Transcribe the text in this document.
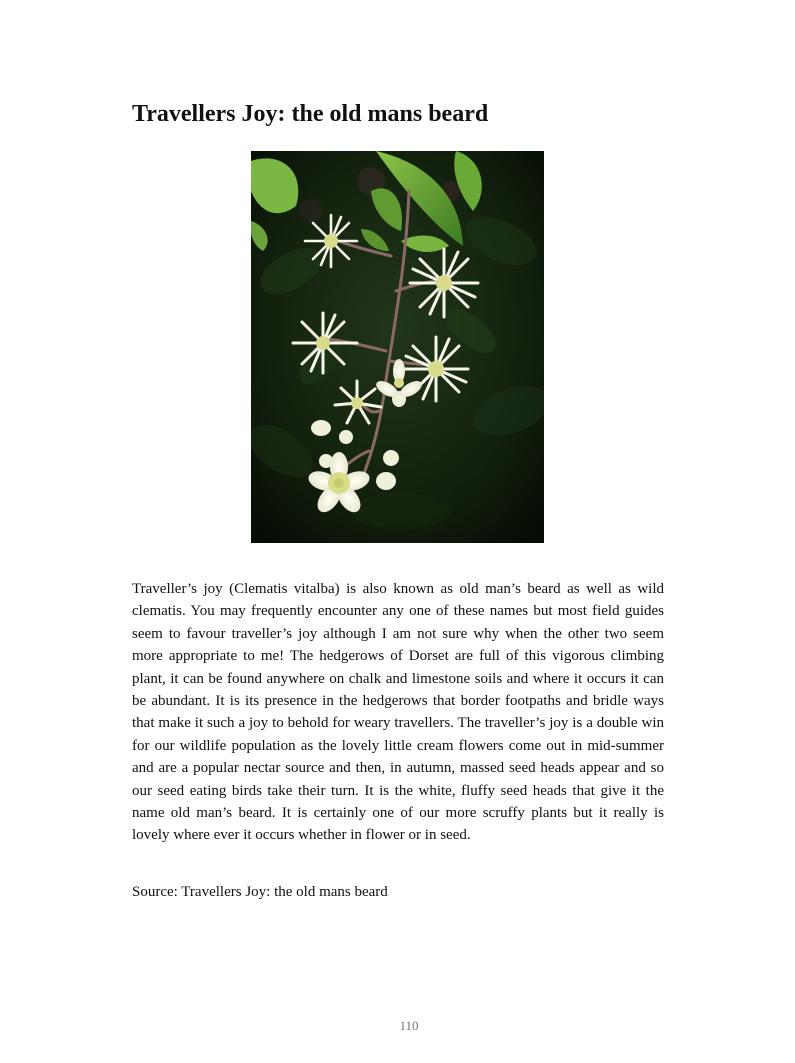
Travellers Joy: the old mans beard

Traveller’s joy (Clematis vitalba) is also known as old man’s beard as well as wild clematis. You may frequently encounter any one of these names but most field guides seem to favour traveller’s joy although I am not sure why when the other two seem more appropriate to me! The hedgerows of Dorset are full of this vigorous climbing plant, it can be found anywhere on chalk and limestone soils and where it occurs it can be abundant. It is its presence in the hedgerows that border footpaths and bridle ways that make it such a joy to behold for weary travellers. The traveller’s joy is a double win for our wildlife population as the lovely little cream flowers come out in mid-summer and are a popular nectar source and then, in autumn, massed seed heads appear and so our seed eating birds take their turn. It is the white, fluffy seed heads that give it the name old man’s beard. It is certainly one of our more scruffy plants but it really is lovely where ever it occurs whether in flower or in seed.

Source: Travellers Joy: the old mans beard

110
